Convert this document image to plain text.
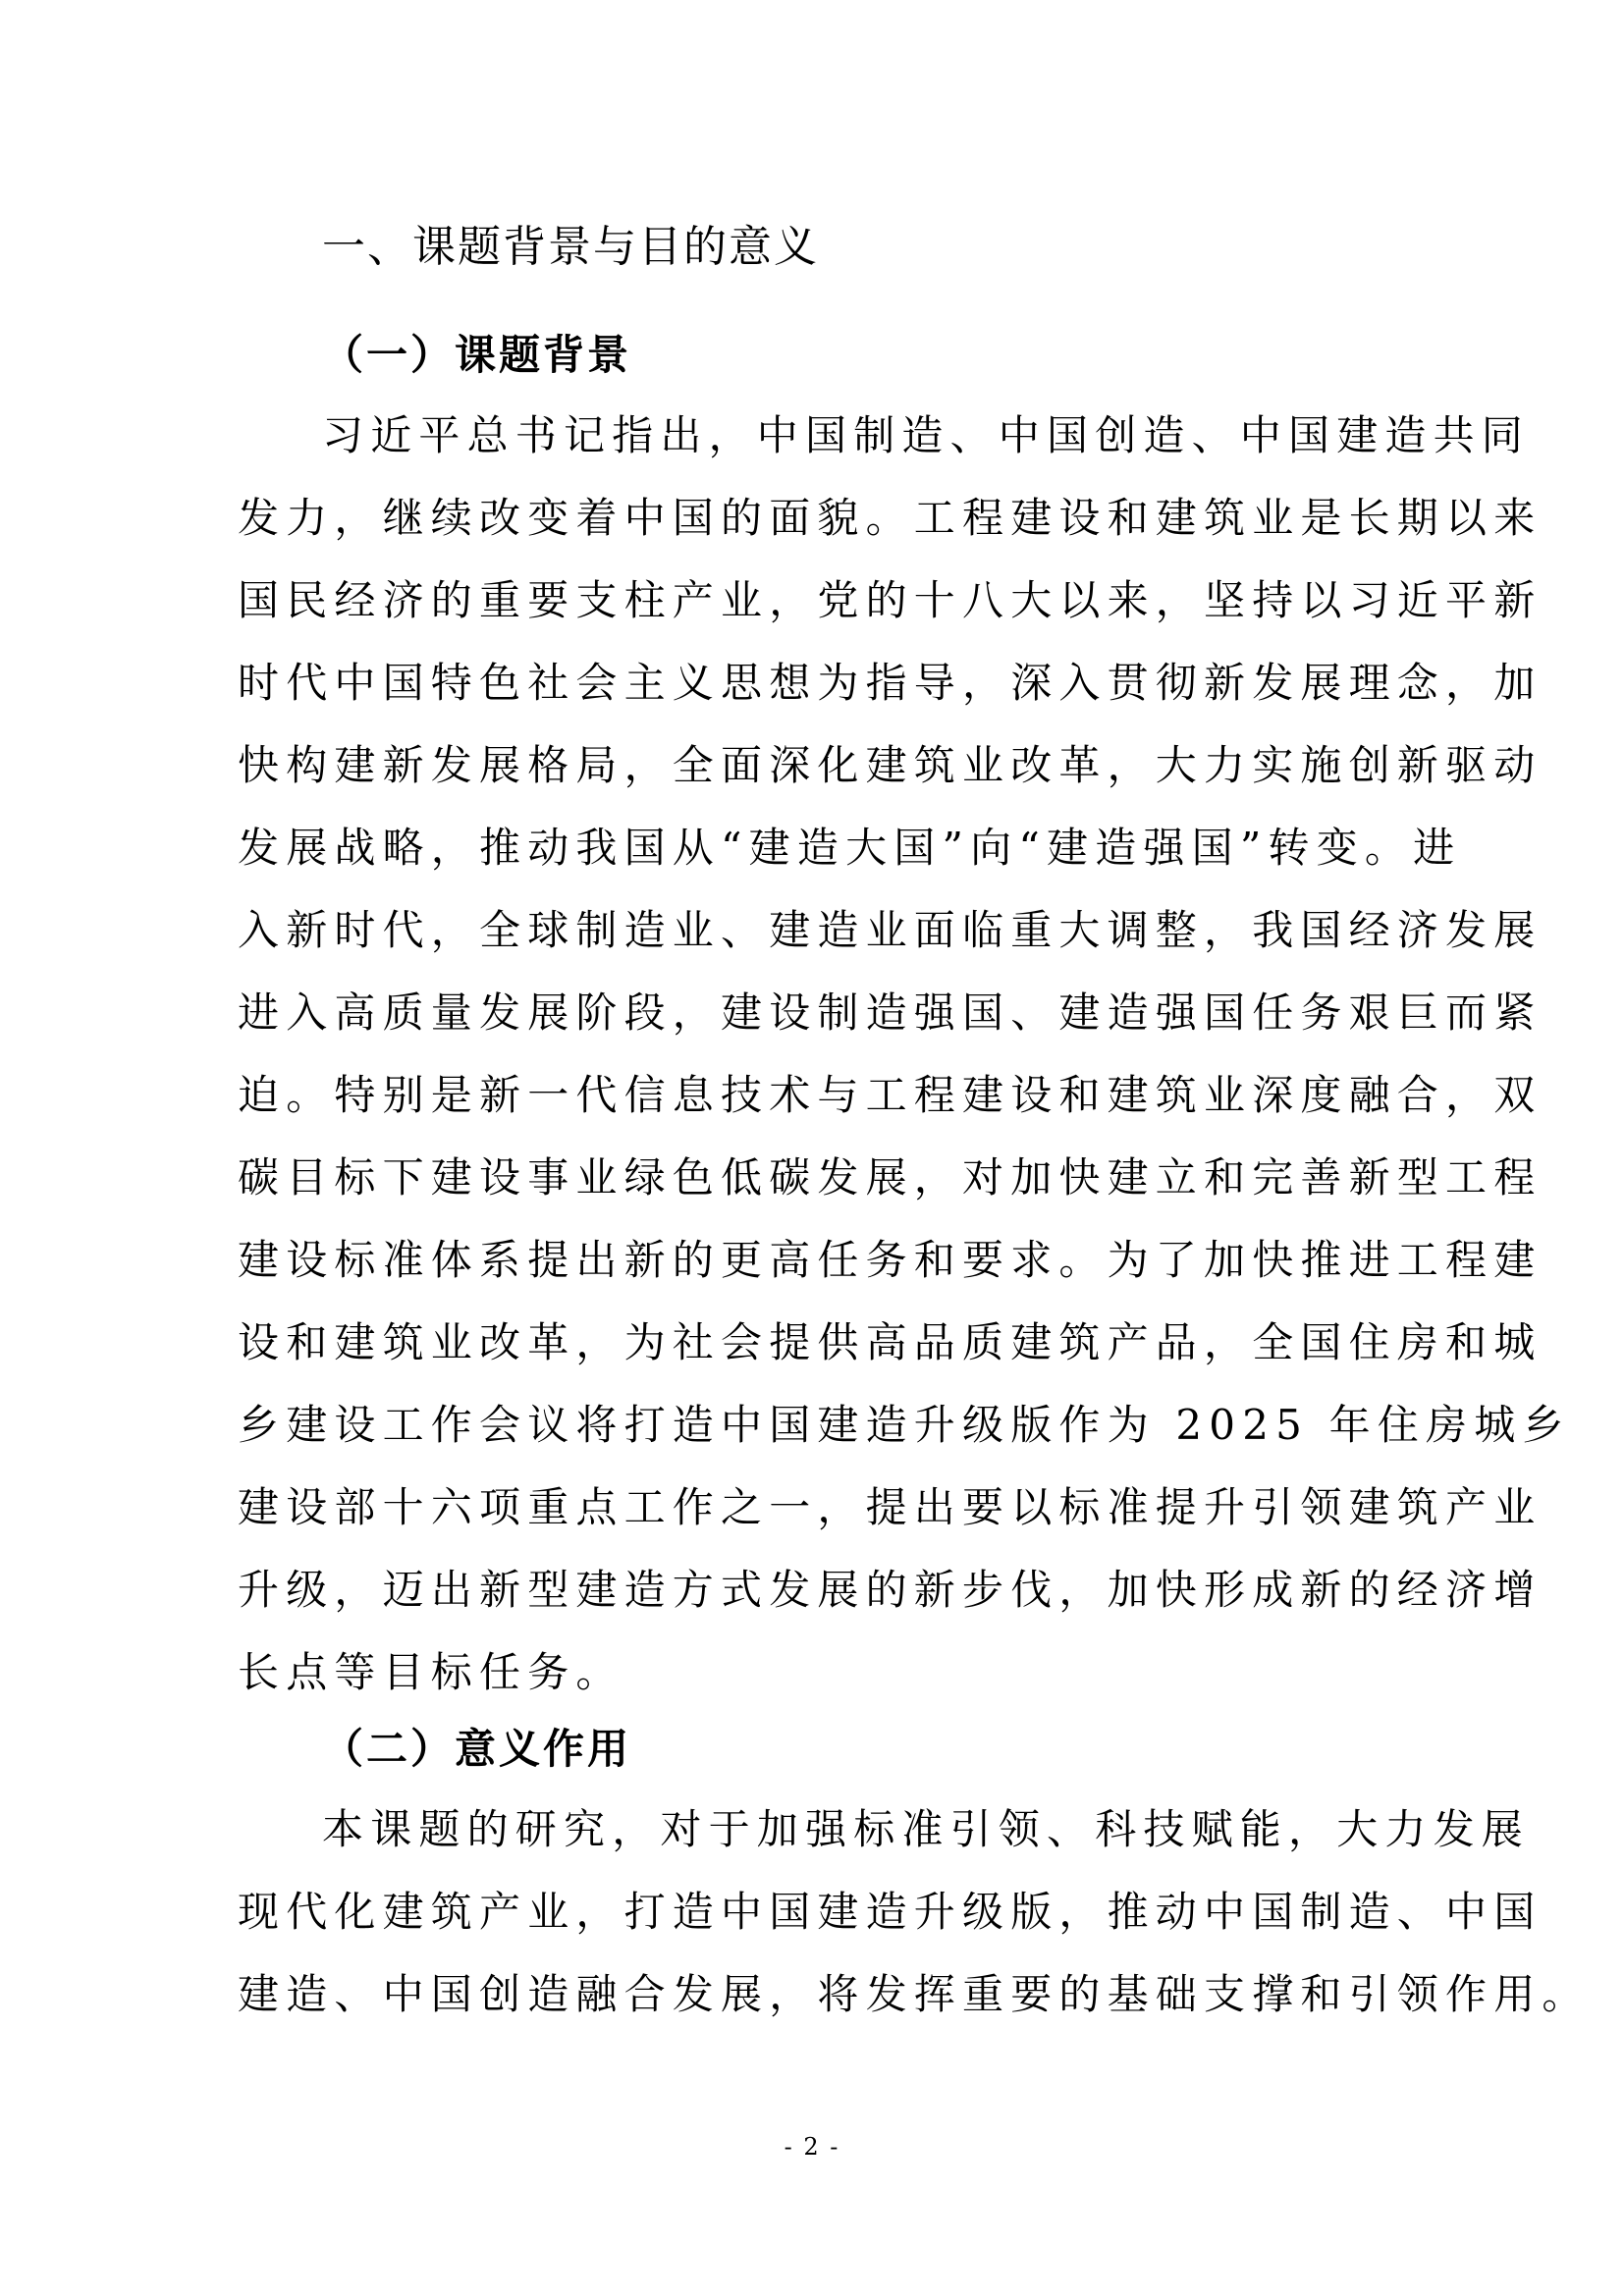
一、课题背景与目的意义
（一）课题背景
习近平总书记指出，中国制造、中国创造、中国建造共同
发力，继续改变着中国的面貌。工程建设和建筑业是长期以来
国民经济的重要支柱产业，党的十八大以来，坚持以习近平新
时代中国特色社会主义思想为指导，深入贯彻新发展理念，加
快构建新发展格局，全面深化建筑业改革，大力实施创新驱动
发展战略，推动我国从“建造大国”向“建造强国”转变。进
入新时代，全球制造业、建造业面临重大调整，我国经济发展
进入高质量发展阶段，建设制造强国、建造强国任务艰巨而紧
迫。特别是新一代信息技术与工程建设和建筑业深度融合，双
碳目标下建设事业绿色低碳发展，对加快建立和完善新型工程
建设标准体系提出新的更高任务和要求。为了加快推进工程建
设和建筑业改革，为社会提供高品质建筑产品，全国住房和城
乡建设工作会议将打造中国建造升级版作为 2025 年住房城乡
建设部十六项重点工作之一，提出要以标准提升引领建筑产业
升级，迈出新型建造方式发展的新步伐，加快形成新的经济增
长点等目标任务。
（二）意义作用
本课题的研究，对于加强标准引领、科技赋能，大力发展
现代化建筑产业，打造中国建造升级版，推动中国制造、中国
建造、中国创造融合发展，将发挥重要的基础支撑和引领作用。
- 2 -
